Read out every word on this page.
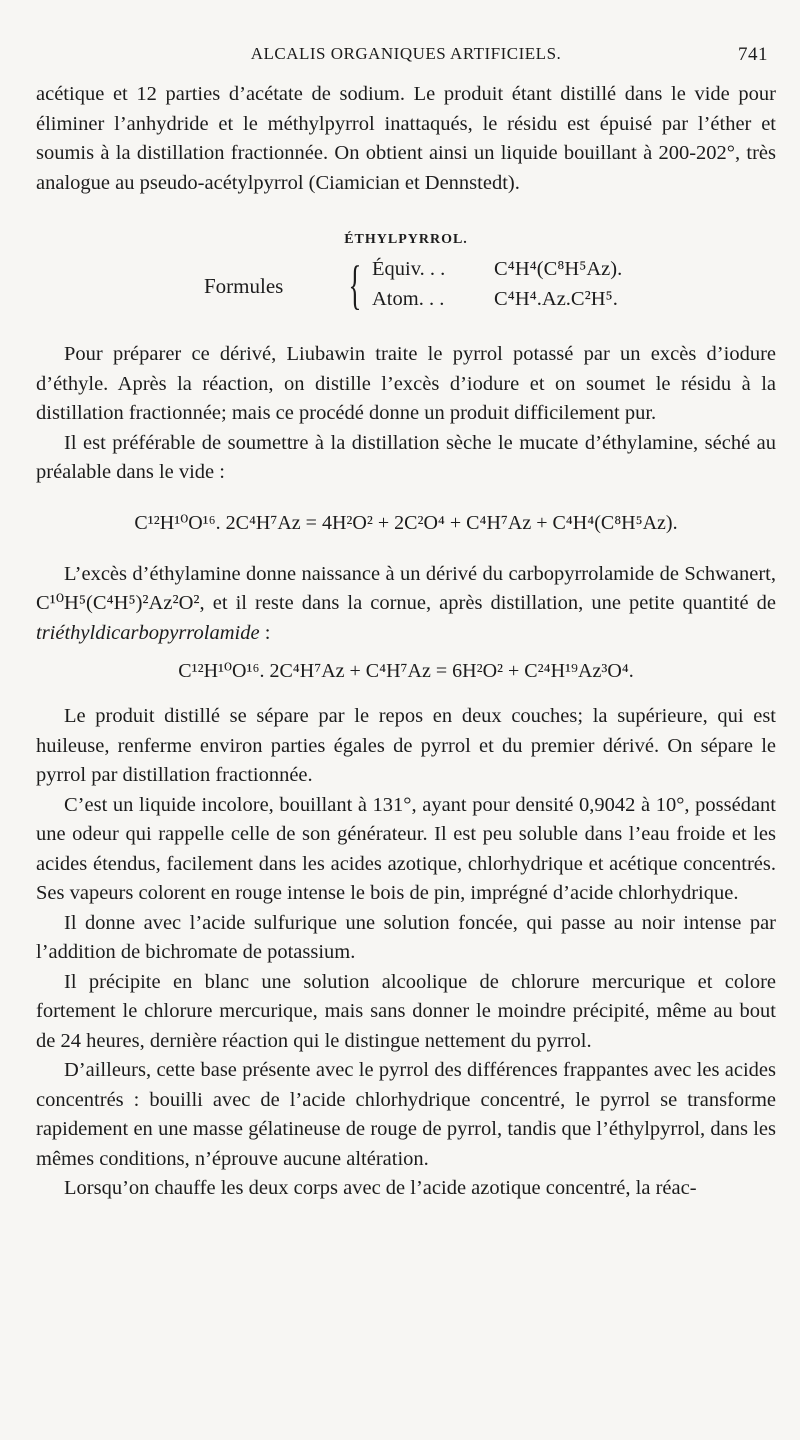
ALCALIS ORGANIQUES ARTIFICIELS.	741

acétique et 12 parties d’acétate de sodium. Le produit étant distillé dans le vide pour éliminer l’anhydride et le méthylpyrrol inattaqués, le résidu est épuisé par l’éther et soumis à la distillation fractionnée. On obtient ainsi un liquide bouillant à 200-202°, très analogue au pseudo-acétylpyrrol (Ciamician et Dennstedt).

ÉTHYLPYRROL.
Formules { Équiv. . . C⁴H⁴(C⁸H⁵Az).
Atom. . . C⁴H⁴.Az.C²H⁵.

Pour préparer ce dérivé, Liubawin traite le pyrrol potassé par un excès d’iodure d’éthyle. Après la réaction, on distille l’excès d’iodure et on soumet le résidu à la distillation fractionnée; mais ce procédé donne un produit difficilement pur.

Il est préférable de soumettre à la distillation sèche le mucate d’éthylamine, séché au préalable dans le vide :

C¹²H¹⁰O¹⁶. 2C⁴H⁷Az = 4H²O² + 2C²O⁴ + C⁴H⁷Az + C⁴H⁴(C⁸H⁵Az).

L’excès d’éthylamine donne naissance à un dérivé du carbopyrrolamide de Schwanert, C¹⁰H⁵(C⁴H⁵)²Az²O², et il reste dans la cornue, après distillation, une petite quantité de triéthyldicarbopyrrolamide :

C¹²H¹⁰O¹⁶. 2C⁴H⁷Az + C⁴H⁷Az = 6H²O² + C²⁴H¹⁹Az³O⁴.

Le produit distillé se sépare par le repos en deux couches; la supérieure, qui est huileuse, renferme environ parties égales de pyrrol et du premier dérivé. On sépare le pyrrol par distillation fractionnée.

C’est un liquide incolore, bouillant à 131°, ayant pour densité 0,9042 à 10°, possédant une odeur qui rappelle celle de son générateur. Il est peu soluble dans l’eau froide et les acides étendus, facilement dans les acides azotique, chlorhydrique et acétique concentrés. Ses vapeurs colorent en rouge intense le bois de pin, imprégné d’acide chlorhydrique.

Il donne avec l’acide sulfurique une solution foncée, qui passe au noir intense par l’addition de bichromate de potassium.

Il précipite en blanc une solution alcoolique de chlorure mercurique et colore fortement le chlorure mercurique, mais sans donner le moindre précipité, même au bout de 24 heures, dernière réaction qui le distingue nettement du pyrrol.

D’ailleurs, cette base présente avec le pyrrol des différences frappantes avec les acides concentrés : bouilli avec de l’acide chlorhydrique concentré, le pyrrol se transforme rapidement en une masse gélatineuse de rouge de pyrrol, tandis que l’éthylpyrrol, dans les mêmes conditions, n’éprouve aucune altération.

Lorsqu’on chauffe les deux corps avec de l’acide azotique concentré, la réac-
